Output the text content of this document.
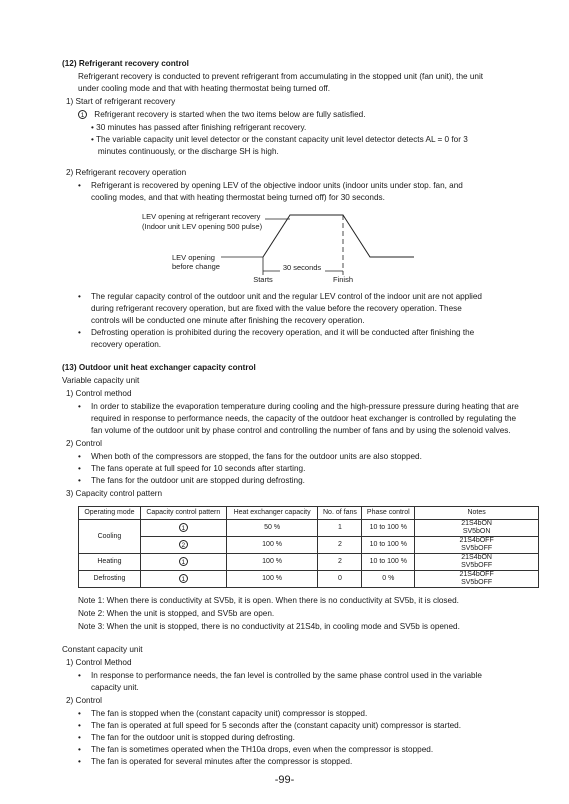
(12) Refrigerant recovery control
Refrigerant recovery is conducted to prevent refrigerant from accumulating in the stopped unit (fan unit), the unit
under cooling mode and that with heating thermostat being turned off.
1) Start of refrigerant recovery
1 Refrigerant recovery is started when the two items below are fully satisfied.
• 30 minutes has passed after finishing refrigerant recovery.
• The variable capacity unit level detector or the constant capacity unit level detector detects AL = 0 for 3
minutes continuously, or the discharge SH is high.
2) Refrigerant recovery operation
• Refrigerant is recovered by opening LEV of the objective indoor units (indoor units under stop. fan, and
cooling modes, and that with heating thermostat being turned off) for 30 seconds.
LEV opening at refrigerant recovery
(Indoor unit LEV opening 500 pulse)
LEV opening
before change	30 seconds
Starts	Finish
• The regular capacity control of the outdoor unit and the regular LEV control of the indoor unit are not applied
during refrigerant recovery operation, but are fixed with the value before the recovery operation. These
controls will be conducted one minute after finishing the recovery operation.
• Defrosting operation is prohibited during the recovery operation, and it will be conducted after finishing the
recovery operation.
(13) Outdoor unit heat exchanger capacity control
Variable capacity unit
1) Control method
• In order to stabilize the evaporation temperature during cooling and the high-pressure pressure during heating that are
required in response to performance needs, the capacity of the outdoor heat exchanger is controlled by regulating the
fan volume of the outdoor unit by phase control and controlling the number of fans and by using the solenoid valves.
2) Control
• When both of the compressors are stopped, the fans for the outdoor units are also stopped.
• The fans operate at full speed for 10 seconds after starting.
• The fans for the outdoor unit are stopped during defrosting.
3) Capacity control pattern
Operating mode	Capacity control pattern	Heat exchanger capacity	No. of fans	Phase control	Notes
Cooling	1	50 %	1	10 to 100 %	21S4bON
SV5bON

	2	100 %	2	10 to 100 %	21S4bOFF
SV5bOFF

Heating	1	100 %	2	10 to 100 %	21S4bON
SV5bOFF

Defrosting	1	100 %	0	0 %	21S4bOFF
SV5bOFF
Note 1: When there is conductivity at SV5b, it is open. When there is no conductivity at SV5b, it is closed.
Note 2: When the unit is stopped, and SV5b are open.
Note 3: When the unit is stopped, there is no conductivity at 21S4b, in cooling mode and SV5b is opened.
Constant capacity unit
1) Control Method
• In response to performance needs, the fan level is controlled by the same phase control used in the variable
capacity unit.
2) Control
• The fan is stopped when the (constant capacity unit) compressor is stopped.
• The fan is operated at full speed for 5 seconds after the (constant capacity unit) compressor is started.
• The fan for the outdoor unit is stopped during defrosting.
• The fan is sometimes operated when the TH10a drops, even when the compressor is stopped.
• The fan is operated for several minutes after the compressor is stopped.
-99-
